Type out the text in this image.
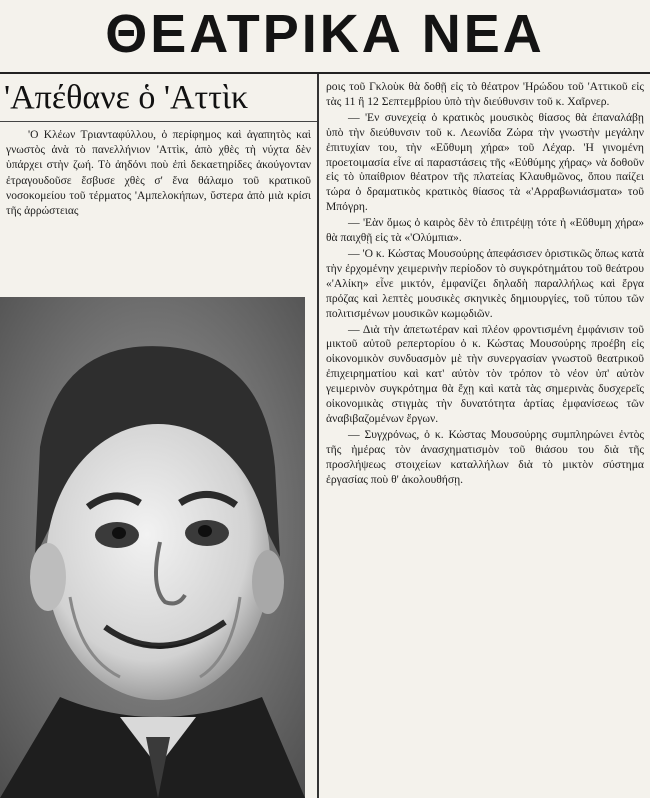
ΘΕΑΤΡΙΚΑ ΝΕΑ
'Απέθανε ὁ 'Αττὶκ

'Ο Κλέων Τριανταφύλλου, ὁ περίφημος καὶ ἀγαπητὸς καὶ γνωστὸς ἀνὰ τὸ πανελλήνιον 'Αττὶκ, ἀπὸ χθὲς τὴ νύχτα δὲν ὑπάρχει στὴν ζωή. Τὸ ἀηδόνι ποὺ ἐπὶ δεκαετηρίδες ἀκούγονταν ἐτραγουδοῦσε ἔσβυσε χθὲς σ' ἕνα θάλαμο τοῦ κρατικοῦ νοσοκομείου τοῦ τέρματος 'Αμπελοκήπων, ὕστερα ἀπὸ μιὰ κρίσι τῆς ἀρρώστειας

ροις τοῦ Γκλοὺκ θὰ δοθῇ εἰς τὸ θέατρον 'Ηρώδου τοῦ 'Αττικοῦ εἰς τὰς 11 ἢ 12 Σεπτεμβρίου ὑπὸ τὴν διεύθυνσιν τοῦ κ. Χαῖρνερ.

— 'Εν συνεχείᾳ ὁ κρατικὸς μουσικὸς θίασος θὰ ἐπαναλάβῃ ὑπὸ τὴν διεύθυνσιν τοῦ κ. Λεωνίδα Ζώρα τὴν γνωστὴν μεγάλην ἐπιτυχίαν του, τὴν «Εὔθυμη χήρα» τοῦ Λέχαρ. 'Η γινομένη προετοιμασία εἶνε αἱ παραστάσεις τῆς «Εὐθύμης χήρας» νὰ δοθοῦν εἰς τὸ ὑπαίθριον θέατρον τῆς πλατείας Κλαυθμῶνος, ὅπου παίζει τώρα ὁ δραματικὸς κρατικὸς θίασος τὰ «'Αρραβωνιάσματα» τοῦ Μπόγρη.

— 'Εὰν ὅμως ὁ καιρὸς δὲν τὸ ἐπιτρέψῃ τότε ἡ «Εὔθυμη χήρα» θὰ παιχθῇ εἰς τὰ «'Ολύμπια».

— 'Ο κ. Κώστας Μουσούρης ἀπεφάσισεν ὁριστικῶς ὅπως κατὰ τὴν ἐρχομένην χειμερινὴν περίοδον τὸ συγκρότημάτου τοῦ θεάτρου «'Αλίκη» εἶνε μικτόν, ἐμφανίζει δηλαδὴ παραλλήλως καὶ ἔργα πρόζας καὶ λεπτὲς μουσικὲς σκηνικὲς δημιουργίες, τοῦ τύπου τῶν πολιτισμένων μουσικῶν κωμῳδιῶν.

— Διὰ τὴν ἀπετωτέραν καὶ πλέον φροντισμένη ἐμφάνισιν τοῦ μικτοῦ αὐτοῦ ρεπερτορίου ὁ κ. Κώστας Μουσούρης προέβη εἰς οἰκονομικὸν συνδυασμὸν μὲ τὴν συνεργασίαν γνωστοῦ θεατρικοῦ ἐπιχειρηματίου καὶ κατ' αὐτὸν τὸν τρόπον τὸ νέον ὑπ' αὐτὸν γειμερινὸν συγκρότημα θὰ ἔχῃ καὶ κατὰ τὰς σημερινὰς δυσχερεῖς οἰκονομικὰς στιγμὰς τὴν δυνατότητα ἀρτίας ἐμφανίσεως τῶν ἀναβιβαζομένων ἔργων.

— Συγχρόνως, ὁ κ. Κώστας Μουσούρης συμπληρώνει ἐντὸς τῆς ἡμέρας τὸν ἀνασχηματισμὸν τοῦ θιάσου του διὰ τῆς προσλήψεως στοιχείων καταλλήλων διὰ τὸ μικτὸν σύστημα ἐργασίας ποὺ θ' ἀκολουθήσῃ.
